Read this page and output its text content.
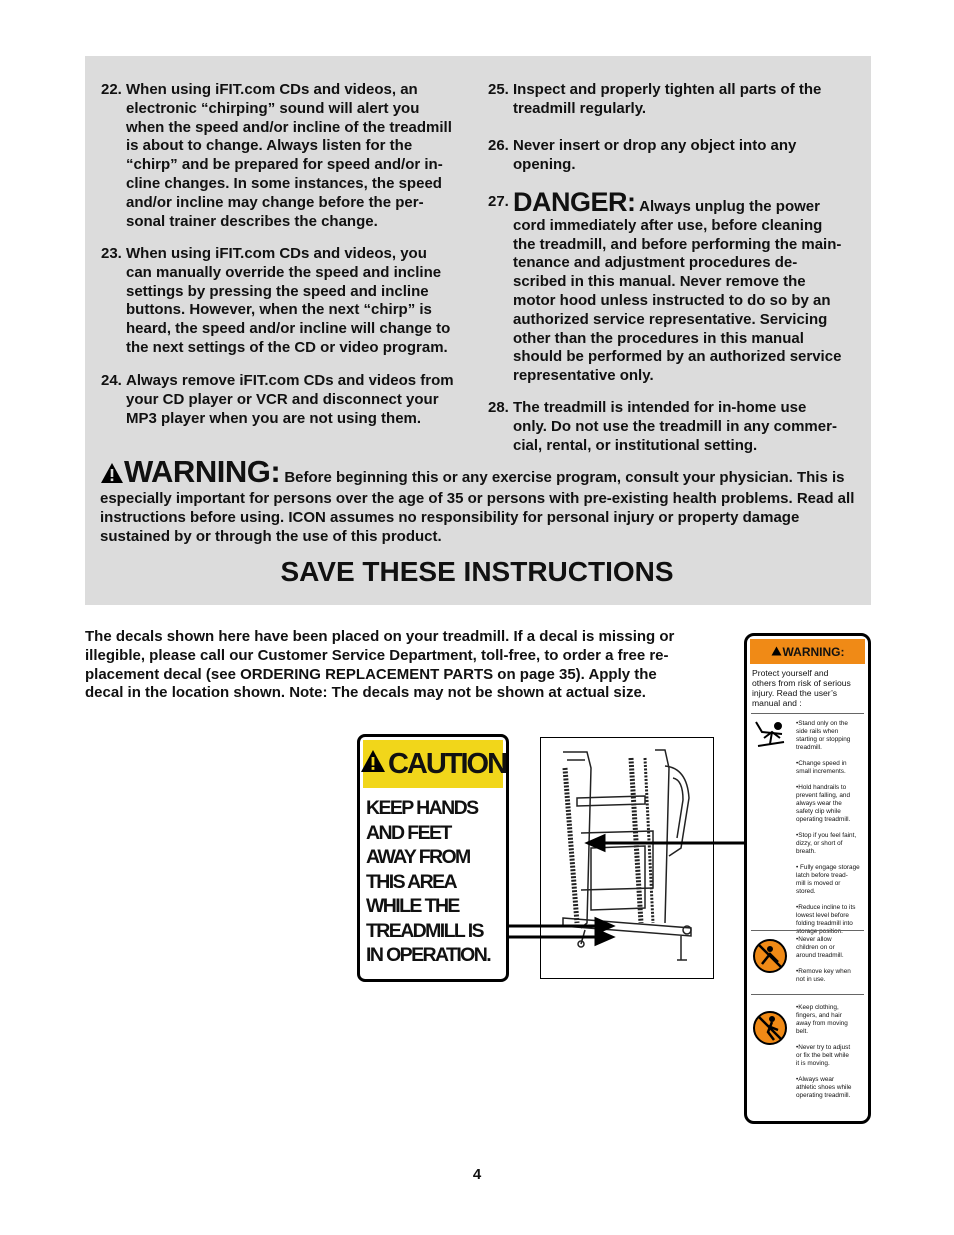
22. When using iFIT.com CDs and videos, an
electronic “chirping” sound will alert you
when the speed and/or incline of the treadmill
is about to change. Always listen for the
“chirp” and be prepared for speed and/or in-
cline changes. In some instances, the speed
and/or incline may change before the per-
sonal trainer describes the change.
23. When using iFIT.com CDs and videos, you
can manually override the speed and incline
settings by pressing the speed and incline
buttons. However, when the next “chirp” is
heard, the speed and/or incline will change to
the next settings of the CD or video program.
24. Always remove iFIT.com CDs and videos from
your CD player or VCR and disconnect your
MP3 player when you are not using them.
25. Inspect and properly tighten all parts of the
treadmill regularly.
26. Never insert or drop any object into any
opening.
27. DANGER: Always unplug the power
cord immediately after use, before cleaning
the treadmill, and before performing the main-
tenance and adjustment procedures de-
scribed in this manual. Never remove the
motor hood unless instructed to do so by an
authorized service representative. Servicing
other than the procedures in this manual
should be performed by an authorized service
representative only.
28. The treadmill is intended for in-home use
only. Do not use the treadmill in any commer-
cial, rental, or institutional setting.
WARNING: Before beginning this or any exercise program, consult your physician. This is especially important for persons over the age of 35 or persons with pre-existing health problems. Read all instructions before using. ICON assumes no responsibility for personal injury or property damage sustained by or through the use of this product.
SAVE THESE INSTRUCTIONS
The decals shown here have been placed on your treadmill. If a decal is missing or
illegible, please call our Customer Service Department, toll-free, to order a free re-
placement decal (see ORDERING REPLACEMENT PARTS on page 35). Apply the
decal in the location shown. Note: The decals may not be shown at actual size.
CAUTION
KEEP HANDS
AND FEET
AWAY FROM
THIS AREA
WHILE THE
TREADMILL IS
IN OPERATION.
WARNING:
Protect yourself and
others from risk of serious
injury. Read the user’s
manual and :
•Stand only on the
side rails when
starting or stopping
treadmill.

•Change speed in
small increments.

•Hold handrails to
prevent falling, and
always wear the
safety clip while
operating treadmill.

•Stop if you feel faint,
dizzy, or short of
breath.

• Fully engage storage
latch before tread-
mill is moved or
stored.

•Reduce incline to its
lowest level before
folding treadmill into
storage position.
•Never allow
children on or
around treadmill.

•Remove key when
not in use.
•Keep clothing,
fingers, and hair
away from moving
belt.

•Never try to adjust
or fix the belt while
it is moving.

•Always wear
athletic shoes while
operating treadmill.
4
